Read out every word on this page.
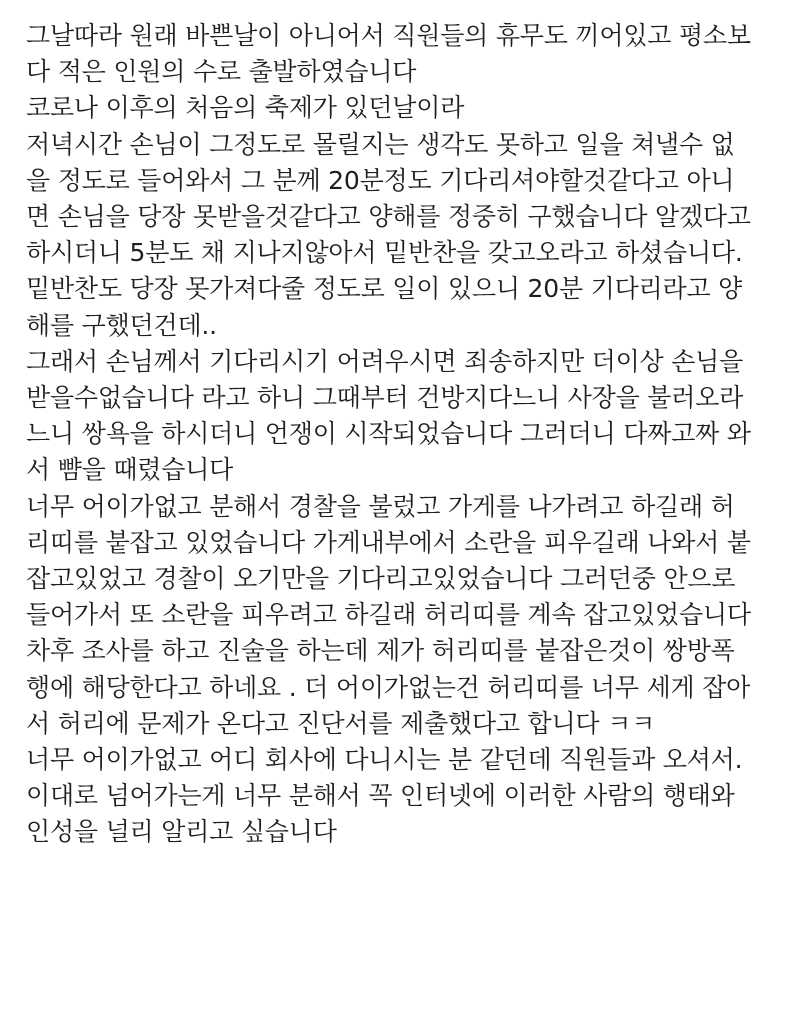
그날따라 원래 바쁜날이 아니어서 직원들의 휴무도 끼어있고 평소보
다 적은 인원의 수로 출발하였습니다
코로나 이후의 처음의 축제가 있던날이라
저녁시간 손님이 그정도로 몰릴지는 생각도 못하고 일을 쳐낼수 없
을 정도로 들어와서 그 분께 20분정도 기다리셔야할것같다고 아니
면 손님을 당장 못받을것같다고 양해를 정중히 구했습니다 알겠다고
하시더니 5분도 채 지나지않아서 밑반찬을 갖고오라고 하셨습니다.
밑반찬도 당장 못가져다줄 정도로 일이 있으니 20분 기다리라고 양
해를 구했던건데..
그래서 손님께서 기다리시기 어려우시면 죄송하지만 더이상 손님을
받을수없습니다 라고 하니 그때부터 건방지다느니 사장을 불러오라
느니 쌍욕을 하시더니 언쟁이 시작되었습니다 그러더니 다짜고짜 와
서 뺨을 때렸습니다
너무 어이가없고 분해서 경찰을 불렀고 가게를 나가려고 하길래 허
리띠를 붙잡고 있었습니다 가게내부에서 소란을 피우길래 나와서 붙
잡고있었고 경찰이 오기만을 기다리고있었습니다 그러던중 안으로
들어가서 또 소란을 피우려고 하길래 허리띠를 계속 잡고있었습니다
차후 조사를 하고 진술을 하는데 제가 허리띠를 붙잡은것이 쌍방폭
행에 해당한다고 하네요 . 더 어이가없는건 허리띠를 너무 세게 잡아
서 허리에 문제가 온다고 진단서를 제출했다고 합니다 ㅋㅋ
너무 어이가없고 어디 회사에 다니시는 분 같던데 직원들과 오셔서.
이대로 넘어가는게 너무 분해서 꼭 인터넷에 이러한 사람의 행태와
인성을 널리 알리고 싶습니다
